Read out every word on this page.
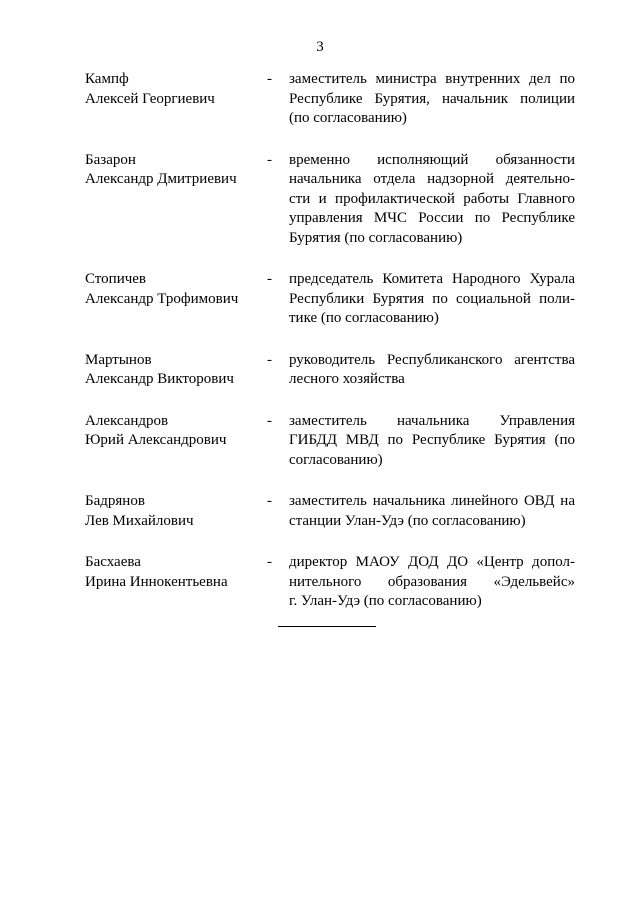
3
Кампф
Алексей Георгиевич
-	заместитель министра внутренних дел по
Республике Бурятия, начальник полиции
(по согласованию)
Базарон
Александр Дмитриевич
-	временно исполняющий обязанности
начальника отдела надзорной деятельно-
сти и профилактической работы Главного
управления МЧС России по Республике
Бурятия (по согласованию)
Стопичев
Александр Трофимович
-	председатель Комитета Народного Хурала
Республики Бурятия по социальной поли-
тике (по согласованию)
Мартынов
Александр Викторович
-	руководитель Республиканского агентства
лесного хозяйства
Александров
Юрий Александрович
-	заместитель начальника Управления
ГИБДД МВД по Республике Бурятия (по
согласованию)
Бадрянов
Лев Михайлович
-	заместитель начальника линейного ОВД на
станции Улан-Удэ (по согласованию)
Басхаева
Ирина Иннокентьевна
-	директор МАОУ ДОД ДО «Центр допол-
нительного образования «Эдельвейс»
г. Улан-Удэ (по согласованию)
